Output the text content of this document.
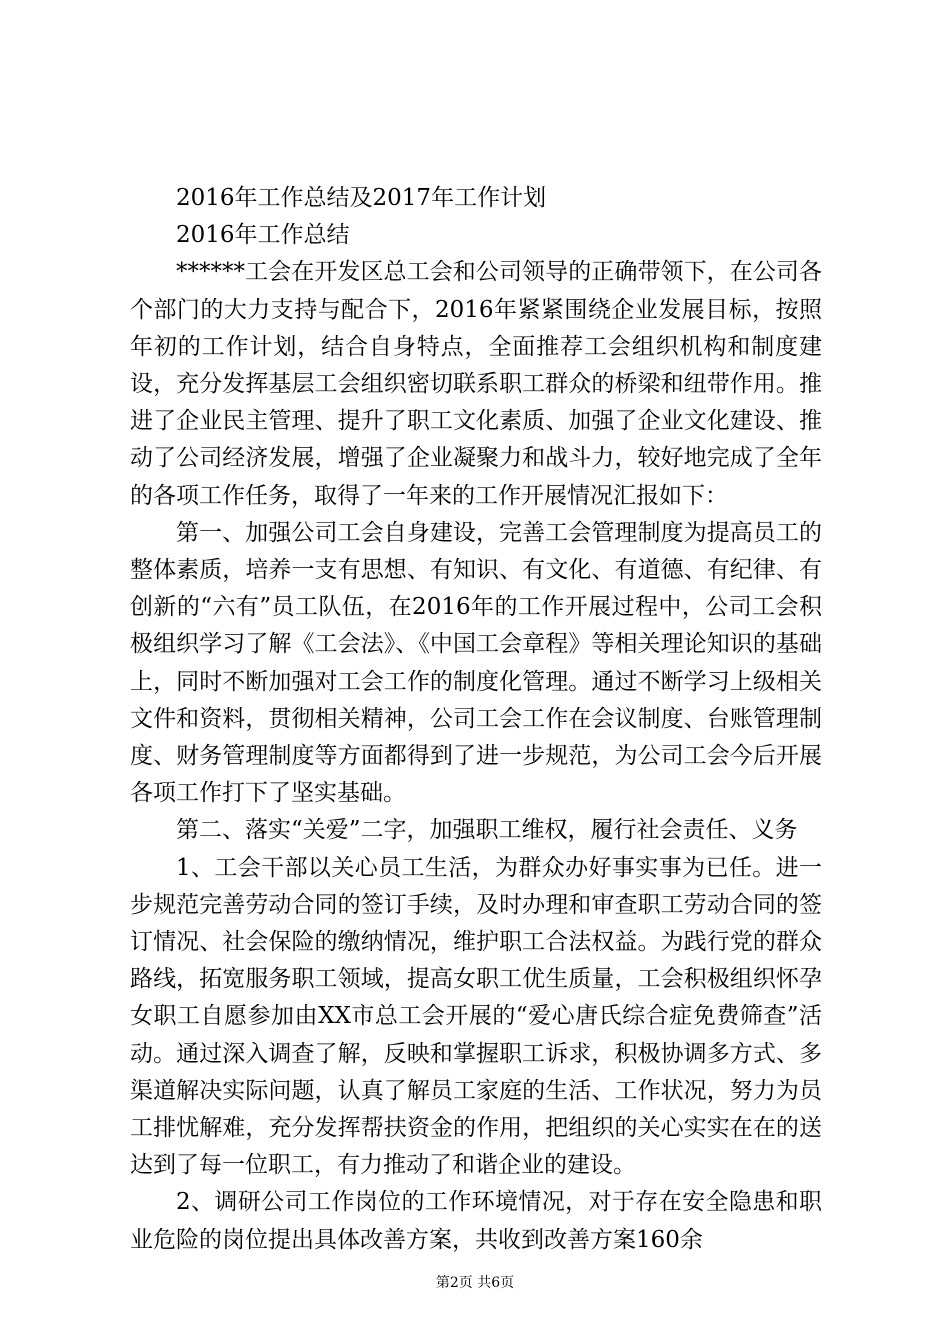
2016年工作总结及2017年工作计划

2016年工作总结

******工会在开发区总工会和公司领导的正确带领下，在公司各个部门的大力支持与配合下，2016年紧紧围绕企业发展目标，按照年初的工作计划，结合自身特点，全面推荐工会组织机构和制度建设，充分发挥基层工会组织密切联系职工群众的桥梁和纽带作用。推进了企业民主管理、提升了职工文化素质、加强了企业文化建设、推动了公司经济发展，增强了企业凝聚力和战斗力，较好地完成了全年的各项工作任务，取得了一年来的工作开展情况汇报如下：

第一、加强公司工会自身建设，完善工会管理制度为提高员工的整体素质，培养一支有思想、有知识、有文化、有道德、有纪律、有创新的“六有”员工队伍，在2016年的工作开展过程中，公司工会积极组织学习了解《工会法》、《中国工会章程》等相关理论知识的基础上，同时不断加强对工会工作的制度化管理。通过不断学习上级相关文件和资料，贯彻相关精神，公司工会工作在会议制度、台账管理制度、财务管理制度等方面都得到了进一步规范，为公司工会今后开展各项工作打下了坚实基础。

第二、落实“关爱”二字，加强职工维权，履行社会责任、义务

1、工会干部以关心员工生活，为群众办好事实事为已任。进一步规范完善劳动合同的签订手续，及时办理和审查职工劳动合同的签订情况、社会保险的缴纳情况，维护职工合法权益。为践行党的群众路线，拓宽服务职工领域，提高女职工优生质量，工会积极组织怀孕女职工自愿参加由XX市总工会开展的“爱心唐氏综合症免费筛查”活动。通过深入调查了解，反映和掌握职工诉求，积极协调多方式、多渠道解决实际问题，认真了解员工家庭的生活、工作状况，努力为员工排忧解难，充分发挥帮扶资金的作用，把组织的关心实实在在的送达到了每一位职工，有力推动了和谐企业的建设。

2、调研公司工作岗位的工作环境情况，对于存在安全隐患和职业危险的岗位提出具体改善方案，共收到改善方案160余

第2页 共6页
